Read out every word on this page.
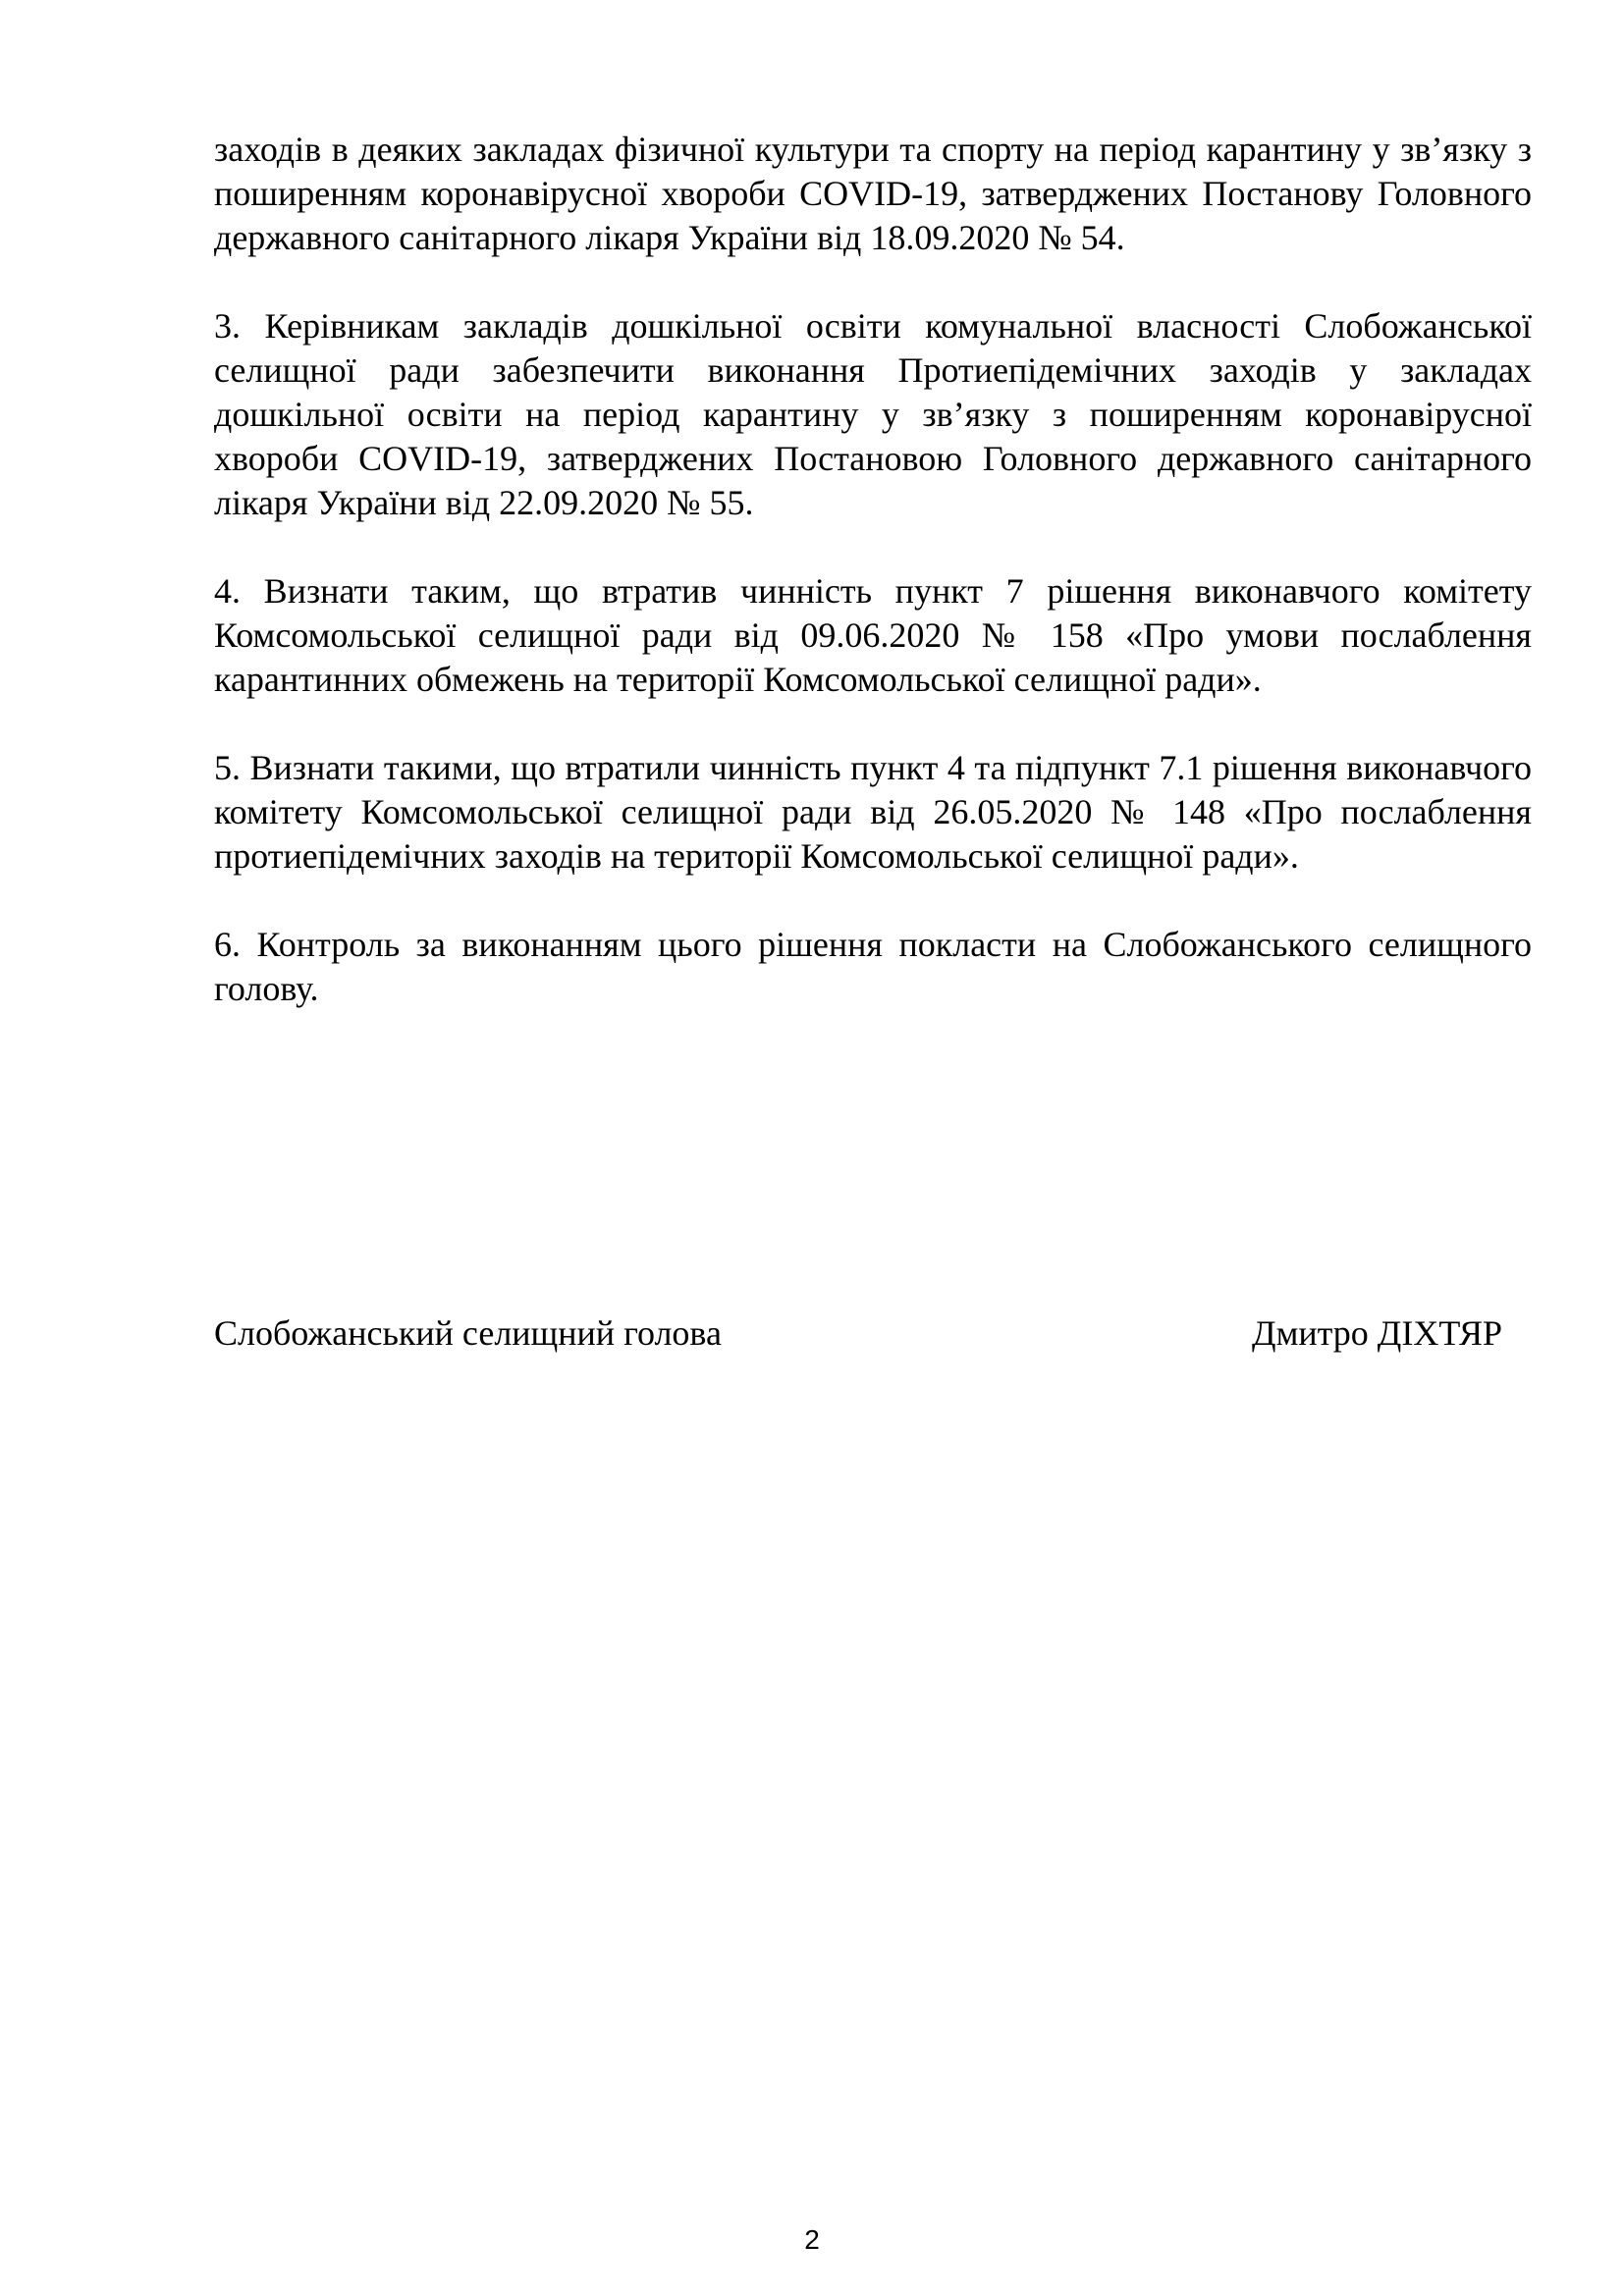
заходів в деяких закладах фізичної культури та спорту на період карантину у зв’язку з поширенням коронавірусної хвороби COVID-19, затверджених Постанову Головного державного санітарного лікаря України від 18.09.2020 № 54.

3. Керівникам закладів дошкільної освіти комунальної власності Слобожанської селищної ради забезпечити виконання Протиепідемічних заходів у закладах дошкільної освіти на період карантину у зв’язку з поширенням коронавірусної хвороби COVID-19, затверджених Постановою Головного державного санітарного лікаря України від 22.09.2020 № 55.

4. Визнати таким, що втратив чинність пункт 7 рішення виконавчого комітету Комсомольської селищної ради від 09.06.2020 № 158 «Про умови послаблення карантинних обмежень на території Комсомольської селищної ради».

5. Визнати такими, що втратили чинність пункт 4 та підпункт 7.1 рішення виконавчого комітету Комсомольської селищної ради від 26.05.2020 № 148 «Про послаблення протиепідемічних заходів на території Комсомольської селищної ради».

6. Контроль за виконанням цього рішення покласти на Слобожанського селищного голову.

Слобожанський селищний голова	Дмитро ДІХТЯР
2
